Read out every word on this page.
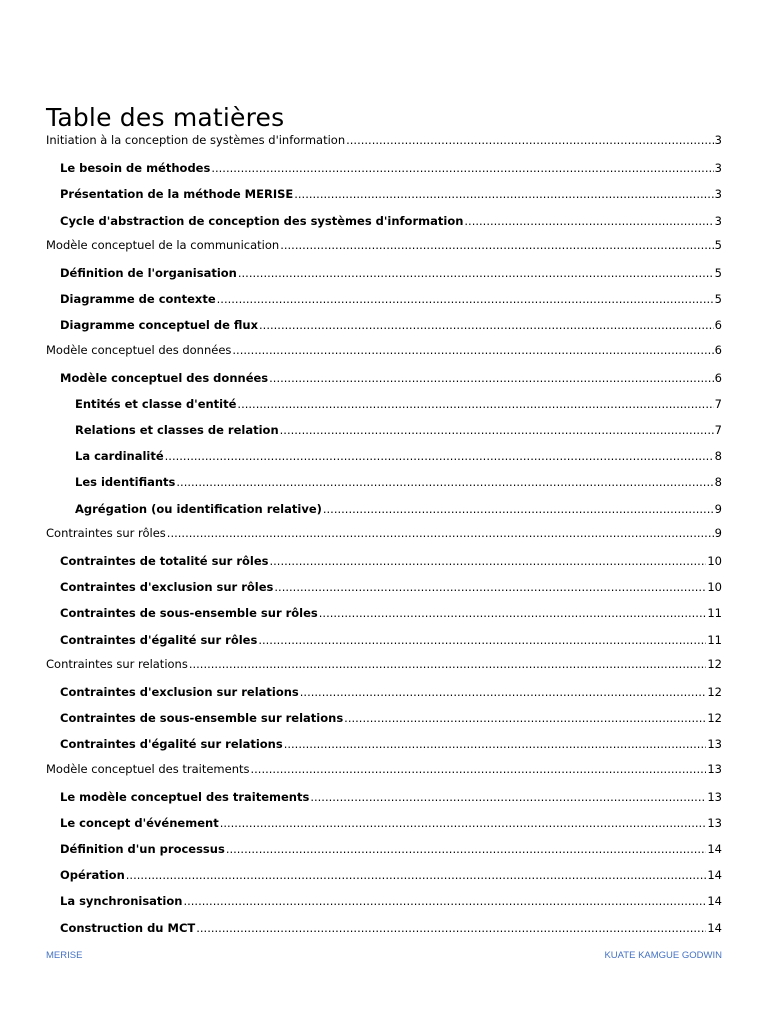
Table des matières
Initiation à la conception de systèmes d'information .....	3
Le besoin de méthodes .....	3
Présentation de la méthode MERISE .....	3
Cycle d'abstraction de conception des systèmes d'information .....	3
Modèle conceptuel de la communication .....	5
Définition de l'organisation .....	5
Diagramme de contexte .....	5
Diagramme conceptuel de flux .....	6
Modèle conceptuel des données .....	6
Modèle conceptuel des données .....	6
Entités et classe d'entité .....	7
Relations et classes de relation .....	7
La cardinalité .....	8
Les identifiants .....	8
Agrégation (ou identification relative) .....	9
Contraintes sur rôles .....	9
Contraintes de totalité sur rôles .....	10
Contraintes d'exclusion sur rôles .....	10
Contraintes de sous-ensemble sur rôles .....	11
Contraintes d'égalité sur rôles .....	11
Contraintes sur relations .....	12
Contraintes d'exclusion sur relations .....	12
Contraintes de sous-ensemble sur relations .....	12
Contraintes d'égalité sur relations .....	13
Modèle conceptuel des traitements .....	13
Le modèle conceptuel des traitements .....	13
Le concept d'événement .....	13
Définition d'un processus .....	14
Opération .....	14
La synchronisation .....	14
Construction du MCT .....	14
MERISE	KUATE KAMGUE GODWIN
